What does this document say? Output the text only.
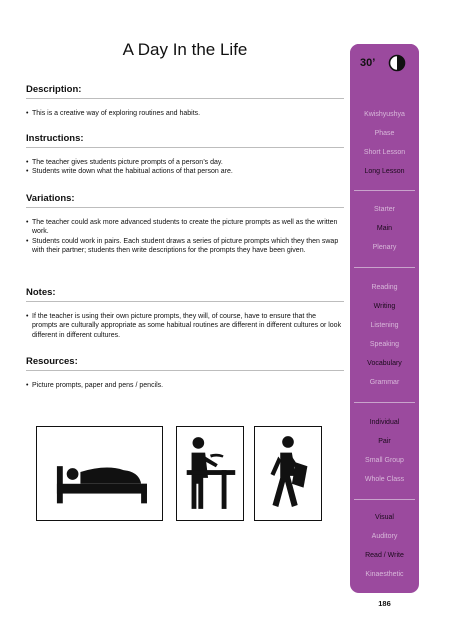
A Day In the Life
Description:
• This is a creative way of exploring routines and habits.
Instructions:
• The teacher gives students picture prompts of a person’s day.
• Students write down what the habitual actions of that person are.
Variations:
• The teacher could ask more advanced students to create the picture prompts as well as the written work.
• Students could work in pairs. Each student draws a series of picture prompts which they then swap with their partner; students then write descriptions for the prompts they have been given.
Notes:
• If the teacher is using their own picture prompts, they will, of course, have to ensure that the prompts are culturally appropriate as some habitual routines are different in different cultures or look different in different cultures.
Resources:
• Picture prompts, paper and pens / pencils.
30’
Kwishyushya
Phase
Short Lesson
Long Lesson
Starter
Main
Plenary
Reading
Writing
Listening
Speaking
Vocabulary
Grammar
Individual
Pair
Small Group
Whole Class
Visual
Auditory
Read / Write
Kinaesthetic
186
